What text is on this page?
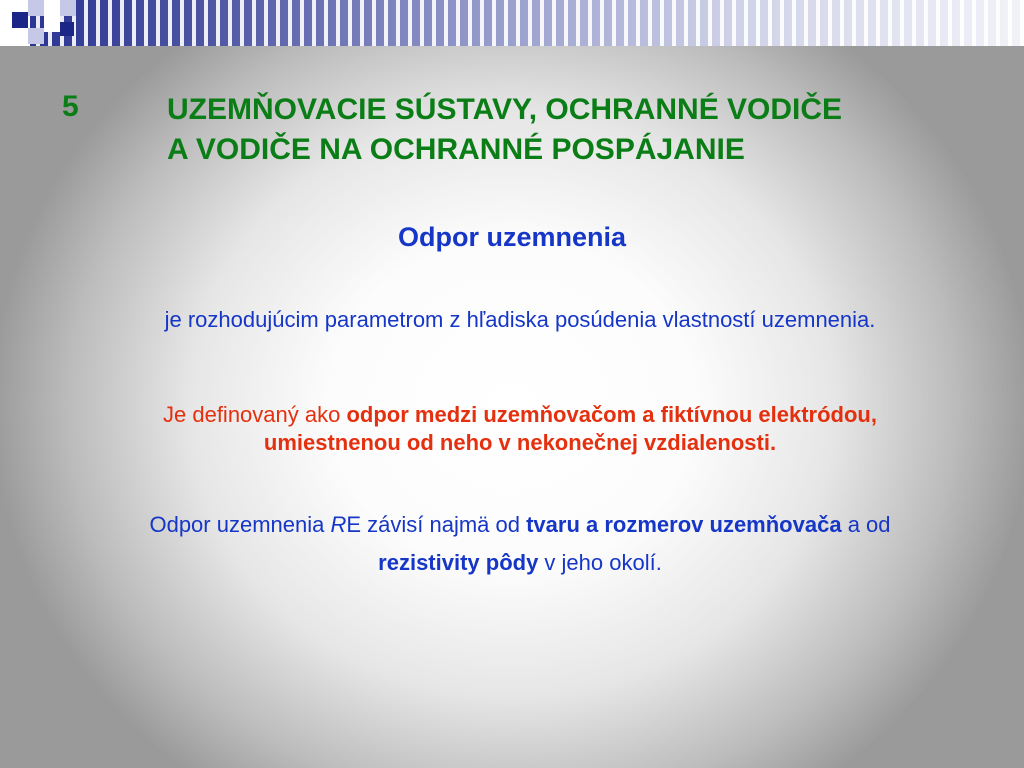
5	UZEMŇOVACIE SÚSTAVY, OCHRANNÉ VODIČE
A VODIČE NA OCHRANNÉ POSPÁJANIE
Odpor uzemnenia
je rozhodujúcim parametrom z hľadiska posúdenia vlastností uzemnenia.
Je definovaný ako odpor medzi uzemňovačom a fiktívnou elektródou, umiestnenou od neho v nekonečnej vzdialenosti.
Odpor uzemnenia RE závisí najmä od tvaru a rozmerov uzemňovača a od rezistivity pôdy v jeho okolí.
